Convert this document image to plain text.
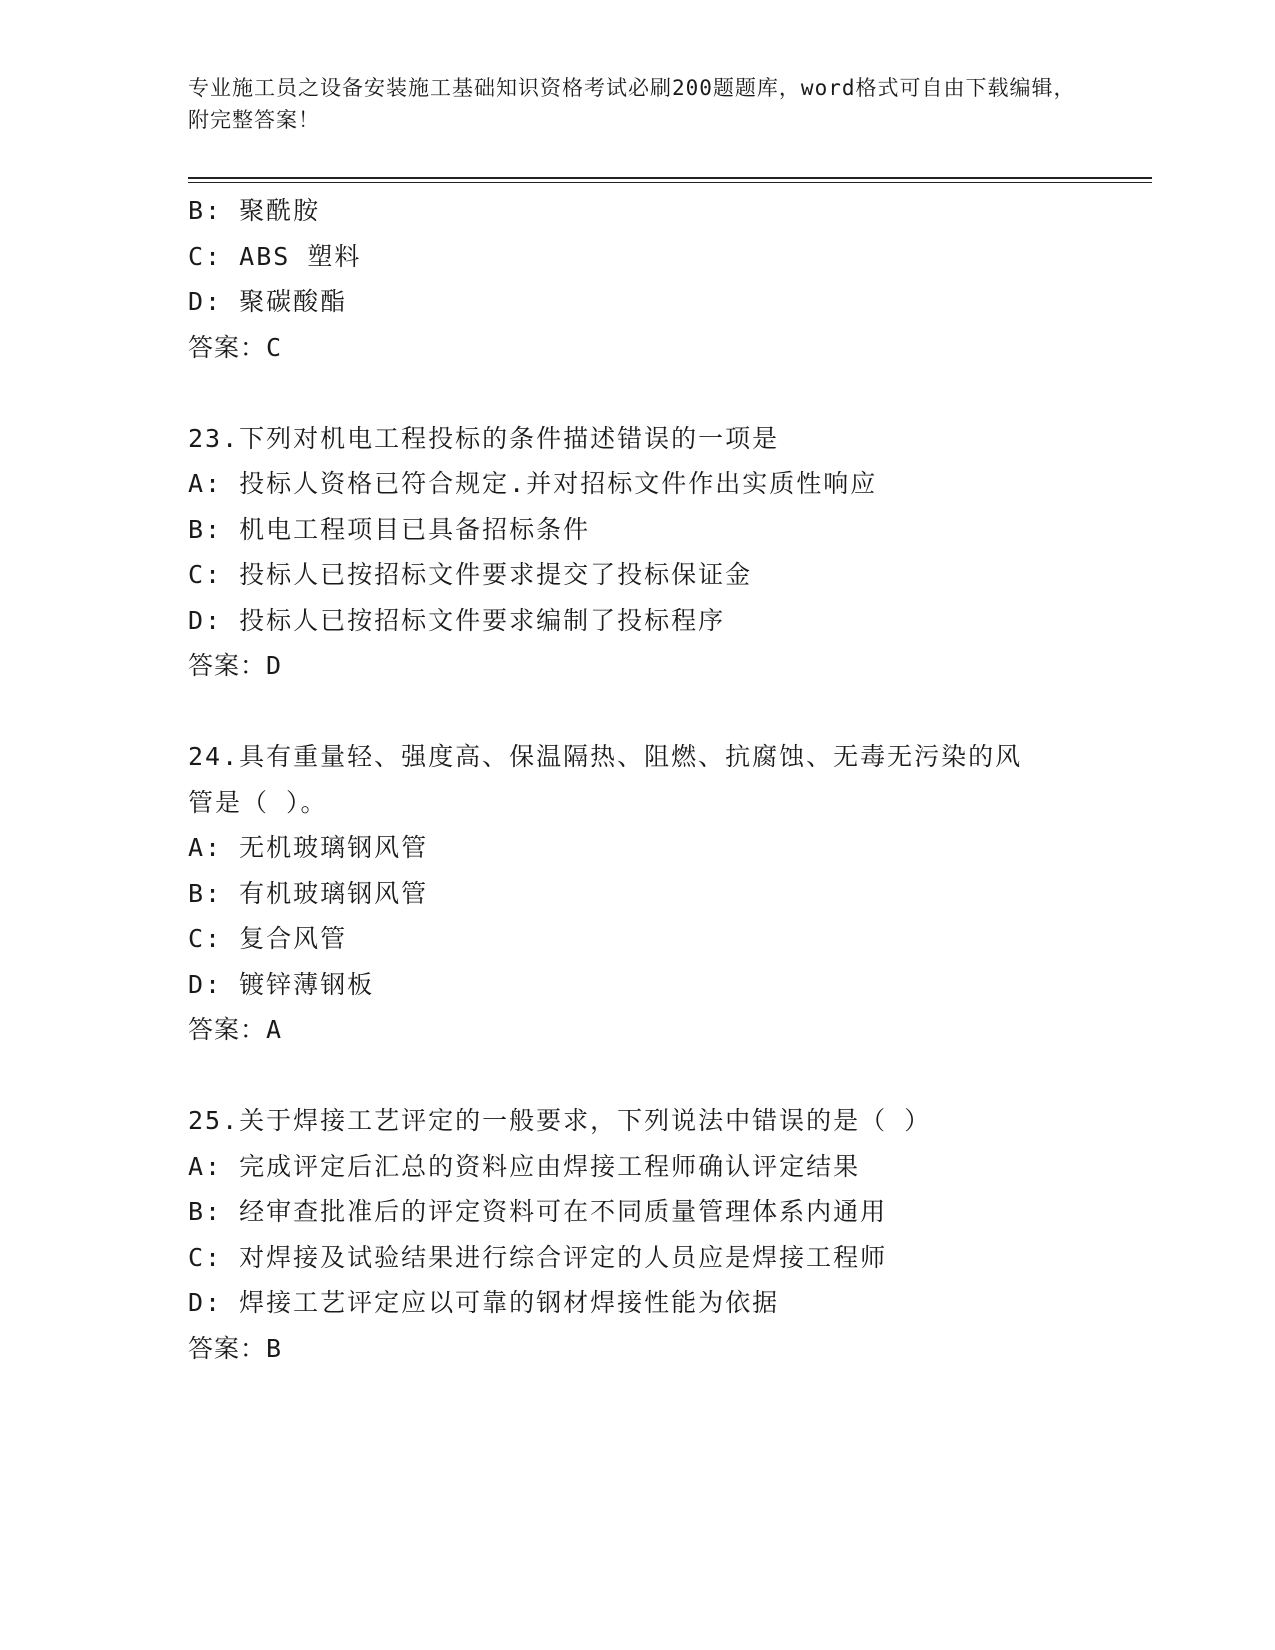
专业施工员之设备安装施工基础知识资格考试必刷200题题库，word格式可自由下载编辑，附完整答案！
B: 聚酰胺
C: ABS 塑料
D: 聚碳酸酯
答案：C
23.下列对机电工程投标的条件描述错误的一项是
A: 投标人资格已符合规定.并对招标文件作出实质性响应
B: 机电工程项目已具备招标条件
C: 投标人已按招标文件要求提交了投标保证金
D: 投标人已按招标文件要求编制了投标程序
答案：D
24.具有重量轻、强度高、保温隔热、阻燃、抗腐蚀、无毒无污染的风管是（ ）。
A: 无机玻璃钢风管
B: 有机玻璃钢风管
C: 复合风管
D: 镀锌薄钢板
答案：A
25.关于焊接工艺评定的一般要求，下列说法中错误的是（ ）
A: 完成评定后汇总的资料应由焊接工程师确认评定结果
B: 经审查批准后的评定资料可在不同质量管理体系内通用
C: 对焊接及试验结果进行综合评定的人员应是焊接工程师
D: 焊接工艺评定应以可靠的钢材焊接性能为依据
答案：B
